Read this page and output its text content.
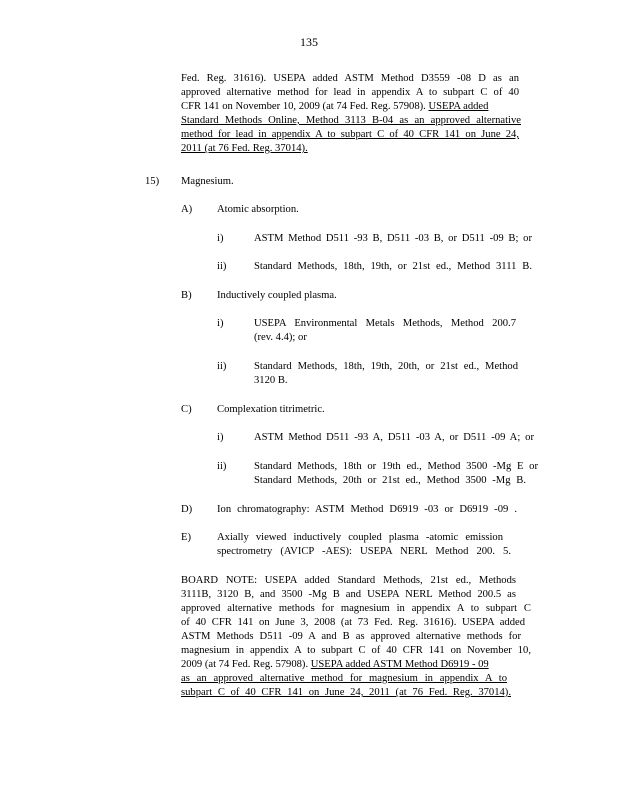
135
Fed. Reg. 31616). USEPA added ASTM Method D3559 -08 D as an
approved alternative method for lead in appendix A to subpart C of 40
CFR 141 on November 10, 2009 (at 74 Fed. Reg. 57908). USEPA added
Standard Methods Online, Method 3113 B-04 as an approved alternative
method for lead in appendix A to subpart C of 40 CFR 141 on June 24,
2011 (at 76 Fed. Reg. 37014).
15) Magnesium.
A) Atomic absorption.
i)	ASTM Method D511 -93 B, D511 -03 B, or D511 -09 B; or
ii)	Standard Methods, 18th, 19th, or 21st ed., Method 3111 B.
B) Inductively coupled plasma.
i)	USEPA Environmental Metals Methods, Method 200.7
(rev. 4.4); or
ii)	Standard Methods, 18th, 19th, 20th, or 21st ed., Method
3120 B.
C) Complexation titrimetric.
i)	ASTM Method D511 -93 A, D511 -03 A, or D511 -09 A; or
ii)	Standard Methods, 18th or 19th ed., Method 3500 -Mg E or
Standard Methods, 20th or 21st ed., Method 3500 -Mg B.
D) Ion chromatography: ASTM Method D6919 -03 or D6919 -09 .
E) Axially viewed inductively coupled plasma -atomic emission
spectrometry (AVICP -AES): USEPA NERL Method 200. 5.
BOARD NOTE: USEPA added Standard Methods, 21st ed., Methods
3111B, 3120 B, and 3500 -Mg B and USEPA NERL Method 200.5 as
approved alternative methods for magnesium in appendix A to subpart C
of 40 CFR 141 on June 3, 2008 (at 73 Fed. Reg. 31616). USEPA added
ASTM Methods D511 -09 A and B as approved alternative methods for
magnesium in appendix A to subpart C of 40 CFR 141 on November 10,
2009 (at 74 Fed. Reg. 57908). USEPA added ASTM Method D6919 - 09
as an approved alternative method for magnesium in appendix A to
subpart C of 40 CFR 141 on June 24, 2011 (at 76 Fed. Reg. 37014).
